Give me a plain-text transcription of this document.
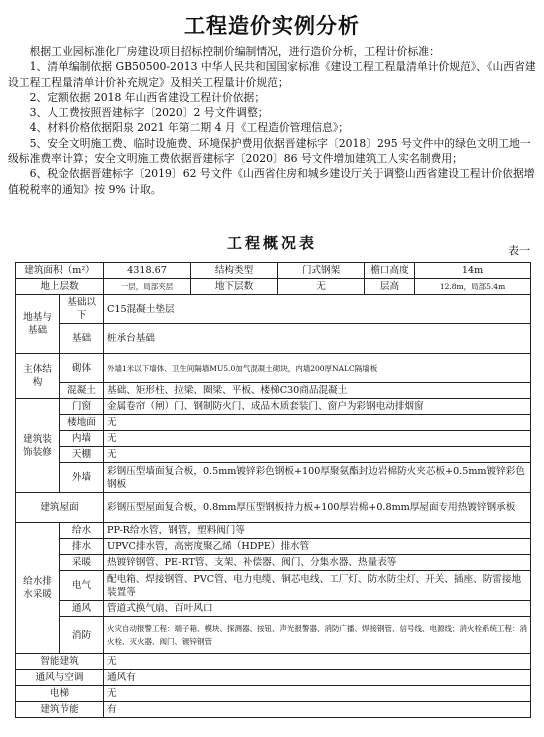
工程造价实例分析

根据工业园标准化厂房建设项目招标控制价编制情况，进行造价分析，工程计价标准：

1、清单编制依据 GB50500-2013 中华人民共和国国家标准《建设工程工程量清单计价规范》、《山西省建设工程工程量清单计价补充规定》及相关工程量计价规范；

2、定额依据 2018 年山西省建设工程计价依据；

3、人工费按照晋建标字〔2020〕2 号文件调整；

4、材料价格依据阳泉 2021 年第二期 4 月《工程造价管理信息》；

5、安全文明施工费、临时设施费、环境保护费用依据晋建标字〔2018〕295 号文件中的绿色文明工地一级标准费率计算；安全文明施工费依据晋建标字〔2020〕86 号文件增加建筑工人实名制费用；

6、税金依据晋建标字〔2019〕62 号文件《山西省住房和城乡建设厅关于调整山西省建设工程计价依据增值税税率的通知》按 9% 计取。

工程概况表	表一
建筑面积（m²）		4318.67	结构类型	门式钢架	檐口高度	14m
地上层数		一层，局部夹层	地下层数	无	层高	12.8m，局部5.4m
地基与基础	基础以下	C15混凝土垫层				
	基础	桩承台基础				
主体结构	砌体	外墙1米以下墙体、卫生间隔墙MU5.0加气混凝土砌块，内墙200厚NALC隔墙板				
	混凝土	基础、矩形柱、拉梁、圈梁、平板、楼梯C30商品混凝土				
建筑装饰装修	门窗	金属卷帘（闸）门、钢制防火门、成品木质套装门、窗户为彩钢电动排烟窗				
	楼地面	无				
	内墙	无				
	天棚	无				
	外墙	彩钢压型墙面复合板，0.5mm镀锌彩色钢板+100厚聚氨酯封边岩棉防火夹芯板+0.5mm镀锌彩色钢板				
建筑屋面		彩钢压型屋面复合板，0.8mm厚压型钢板持力板+100厚岩棉+0.8mm厚屋面专用热镀锌钢承板				
给水排水采暖	给水	PP-R给水管，钢管，塑料阀门等				
	排水	UPVC排水管，高密度聚乙烯（HDPE）排水管				
	采暖	热镀锌钢管、PE-RT管、支架、补偿器、阀门、分集水器、热量表等				
	电气	配电箱、焊接钢管、PVC管、电力电缆、铜芯电线、工厂灯、防水防尘灯、开关、插座、防雷接地装置等				
	通风	管道式换气扇、百叶风口				
	消防	火灾自动报警工程：端子箱、模块、探测器、按钮、声光报警器、消防广播、焊接钢管、信号线、电源线；消火栓系统工程：消火栓、灭火器、阀门、镀锌钢管				
智能建筑		无				
通风与空调		通风有				
电梯		无				
建筑节能		有				
